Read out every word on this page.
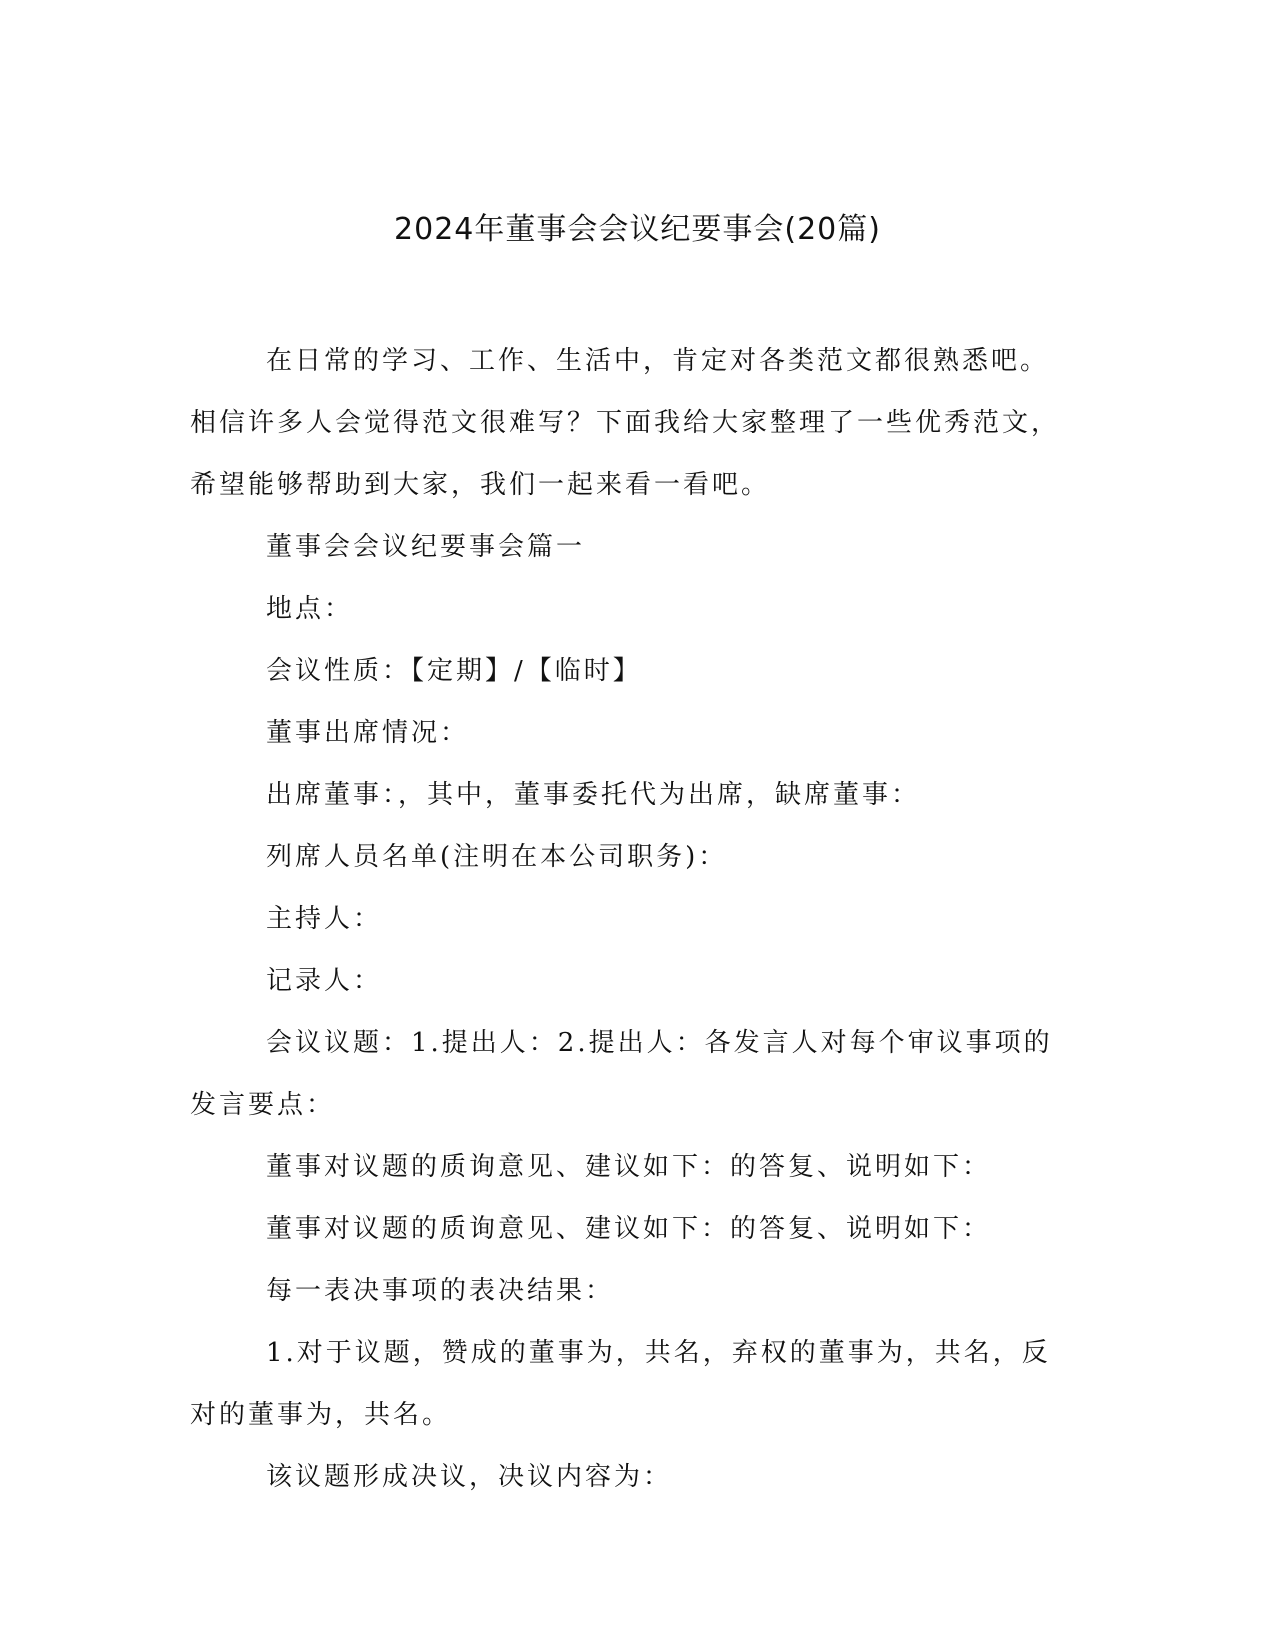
2024年董事会会议纪要事会(20篇)

在日常的学习、工作、生活中，肯定对各类范文都很熟悉吧。相信许多人会觉得范文很难写？下面我给大家整理了一些优秀范文，希望能够帮助到大家，我们一起来看一看吧。

董事会会议纪要事会篇一

地点：

会议性质：【定期】/【临时】

董事出席情况：

出席董事：，其中，董事委托代为出席，缺席董事：

列席人员名单(注明在本公司职务)：

主持人：

记录人：

会议议题：1.提出人：2.提出人：各发言人对每个审议事项的发言要点：

董事对议题的质询意见、建议如下：的答复、说明如下：

董事对议题的质询意见、建议如下：的答复、说明如下：

每一表决事项的表决结果：

1.对于议题，赞成的董事为，共名，弃权的董事为，共名，反对的董事为，共名。

该议题形成决议，决议内容为：
